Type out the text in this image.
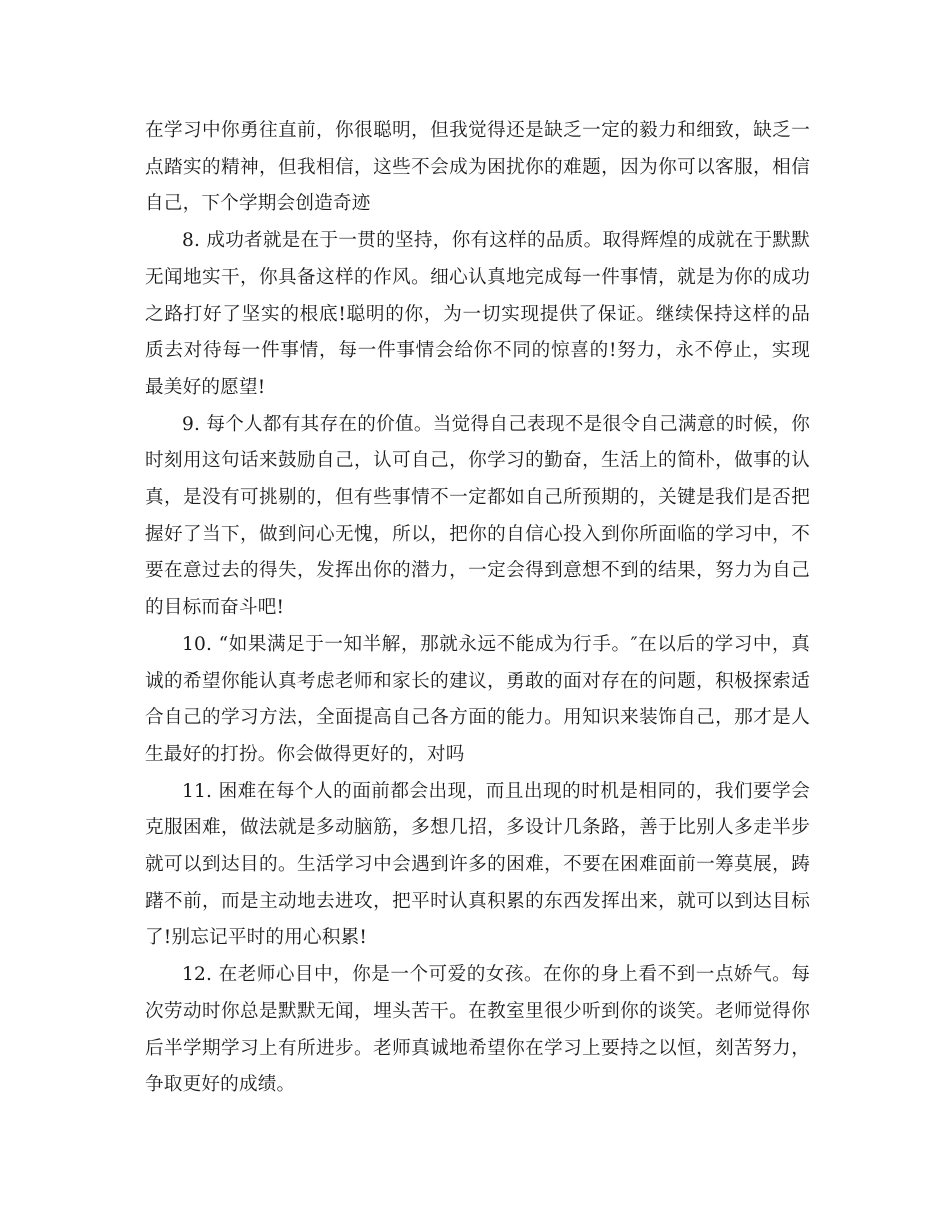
在学习中你勇往直前，你很聪明，但我觉得还是缺乏一定的毅力和细致，缺乏一点踏实的精神，但我相信，这些不会成为困扰你的难题，因为你可以客服，相信自己，下个学期会创造奇迹

8. 成功者就是在于一贯的坚持，你有这样的品质。取得辉煌的成就在于默默无闻地实干，你具备这样的作风。细心认真地完成每一件事情，就是为你的成功之路打好了坚实的根底!聪明的你，为一切实现提供了保证。继续保持这样的品质去对待每一件事情，每一件事情会给你不同的惊喜的!努力，永不停止，实现最美好的愿望!

9. 每个人都有其存在的价值。当觉得自己表现不是很令自己满意的时候，你时刻用这句话来鼓励自己，认可自己，你学习的勤奋，生活上的简朴，做事的认真，是没有可挑剔的，但有些事情不一定都如自己所预期的，关键是我们是否把握好了当下，做到问心无愧，所以，把你的自信心投入到你所面临的学习中，不要在意过去的得失，发挥出你的潜力，一定会得到意想不到的结果，努力为自己的目标而奋斗吧!

10. “如果满足于一知半解，那就永远不能成为行手。″在以后的学习中，真诚的希望你能认真考虑老师和家长的建议，勇敢的面对存在的问题，积极探索适合自己的学习方法，全面提高自己各方面的能力。用知识来装饰自己，那才是人生最好的打扮。你会做得更好的，对吗

11. 困难在每个人的面前都会出现，而且出现的时机是相同的，我们要学会克服困难，做法就是多动脑筋，多想几招，多设计几条路，善于比别人多走半步就可以到达目的。生活学习中会遇到许多的困难，不要在困难面前一筹莫展，踌躇不前，而是主动地去进攻，把平时认真积累的东西发挥出来，就可以到达目标了!别忘记平时的用心积累!

12. 在老师心目中，你是一个可爱的女孩。在你的身上看不到一点娇气。每次劳动时你总是默默无闻，埋头苦干。在教室里很少听到你的谈笑。老师觉得你后半学期学习上有所进步。老师真诚地希望你在学习上要持之以恒，刻苦努力，争取更好的成绩。
